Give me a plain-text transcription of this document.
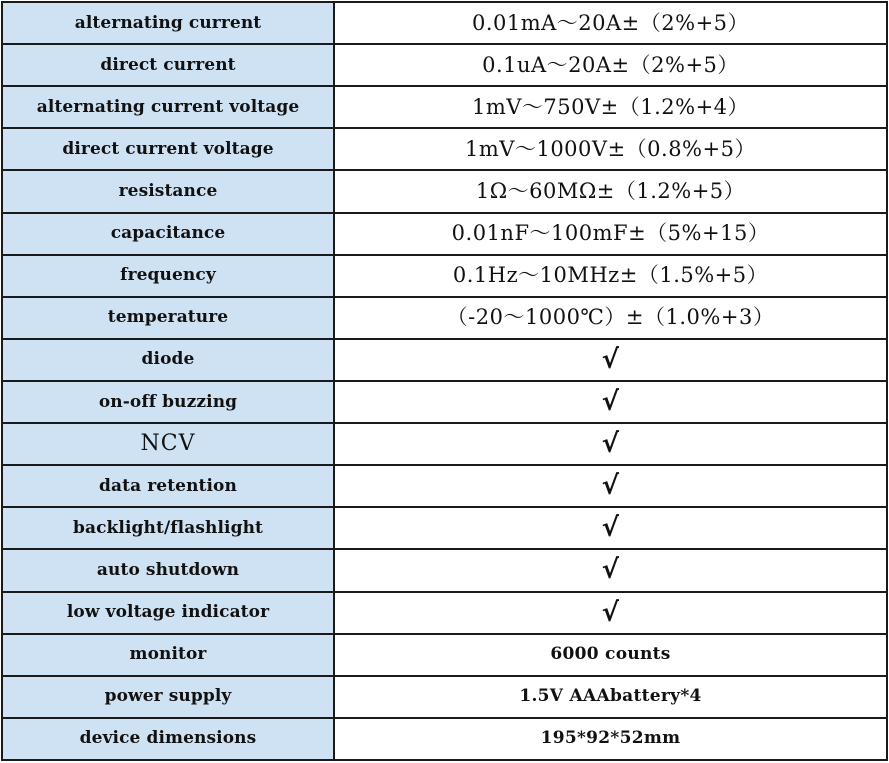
alternating current	0.01mA～20A±（2%+5）
direct current	0.1uA～20A±（2%+5）
alternating current voltage	1mV～750V±（1.2%+4）
direct current voltage	1mV～1000V±（0.8%+5）
resistance	1Ω～60MΩ±（1.2%+5）
capacitance	0.01nF～100mF±（5%+15）
frequency	0.1Hz～10MHz±（1.5%+5）
temperature	（-20～1000℃）±（1.0%+3）
diode	√
on-off buzzing	√
NCV	√
data retention	√
backlight/flashlight	√
auto shutdown	√
low voltage indicator	√
monitor	6000 counts
power supply	1.5V AAAbattery*4
device dimensions	195*92*52mm
